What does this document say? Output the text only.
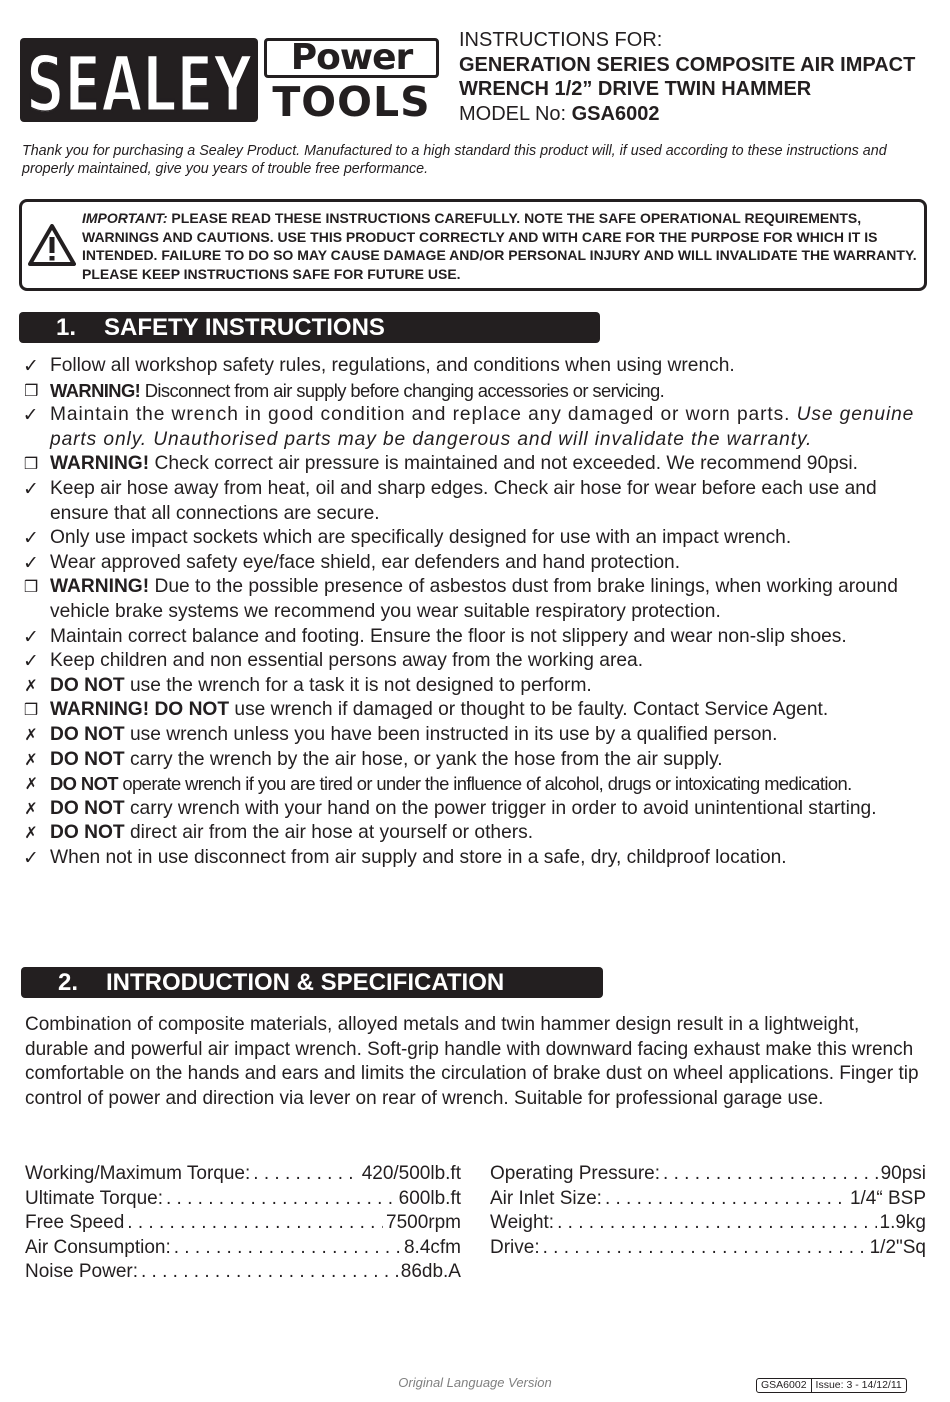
SEALEY
SEALEY	Power
TOOLS
INSTRUCTIONS FOR:
GENERATION SERIES COMPOSITE AIR IMPACT
WRENCH 1/2” DRIVE TWIN HAMMER
MODEL No: GSA6002
Thank you for purchasing a Sealey Product. Manufactured to a high standard this product will, if used according to these instructions and properly maintained, give you years of trouble free performance.
IMPORTANT: PLEASE READ THESE INSTRUCTIONS CAREFULLY. NOTE THE SAFE OPERATIONAL REQUIREMENTS, WARNINGS AND CAUTIONS. USE THIS PRODUCT CORRECTLY AND WITH CARE FOR THE PURPOSE FOR WHICH IT IS INTENDED. FAILURE TO DO SO MAY CAUSE DAMAGE AND/OR PERSONAL INJURY AND WILL INVALIDATE THE WARRANTY. PLEASE KEEP INSTRUCTIONS SAFE FOR FUTURE USE.
1. SAFETY INSTRUCTIONS
✓ Follow all workshop safety rules, regulations, and conditions when using wrench.
❒ WARNING! Disconnect from air supply before changing accessories or servicing.
✓ Maintain the wrench in good condition and replace any damaged or worn parts. Use genuine parts only. Unauthorised parts may be dangerous and will invalidate the warranty.
❒ WARNING! Check correct air pressure is maintained and not exceeded. We recommend 90psi.
✓ Keep air hose away from heat, oil and sharp edges. Check air hose for wear before each use and ensure that all connections are secure.
✓ Only use impact sockets which are specifically designed for use with an impact wrench.
✓ Wear approved safety eye/face shield, ear defenders and hand protection.
❒ WARNING! Due to the possible presence of asbestos dust from brake linings, when working around vehicle brake systems we recommend you wear suitable respiratory protection.
✓ Maintain correct balance and footing. Ensure the floor is not slippery and wear non-slip shoes.
✓ Keep children and non essential persons away from the working area.
✗ DO NOT use the wrench for a task it is not designed to perform.
❒ WARNING! DO NOT use wrench if damaged or thought to be faulty. Contact Service Agent.
✗ DO NOT use wrench unless you have been instructed in its use by a qualified person.
✗ DO NOT carry the wrench by the air hose, or yank the hose from the air supply.
✗ DO NOT operate wrench if you are tired or under the influence of alcohol, drugs or intoxicating medication.
✗ DO NOT carry wrench with your hand on the power trigger in order to avoid unintentional starting.
✗ DO NOT direct air from the air hose at yourself or others.
✓ When not in use disconnect from air supply and store in a safe, dry, childproof location.
2. INTRODUCTION & SPECIFICATION
Combination of composite materials, alloyed metals and twin hammer design result in a lightweight, durable and powerful air impact wrench. Soft-grip handle with downward facing exhaust make this wrench comfortable on the hands and ears and limits the circulation of brake dust on wheel applications. Finger tip control of power and direction via lever on rear of wrench. Suitable for professional garage use.
Working/Maximum Torque: . . .	420/500lb.ft
Ultimate Torque: . . .	600lb.ft
Free Speed . . .	7500rpm
Air Consumption: . . .	8.4cfm
Noise Power: . . .	86db.A
Operating Pressure: . . .	90psi
Air Inlet Size: . . .	1/4“ BSP
Weight: . . .	1.9kg
Drive: . . .	1/2"Sq
Original Language Version	GSA6002 Issue: 3 - 14/12/11
